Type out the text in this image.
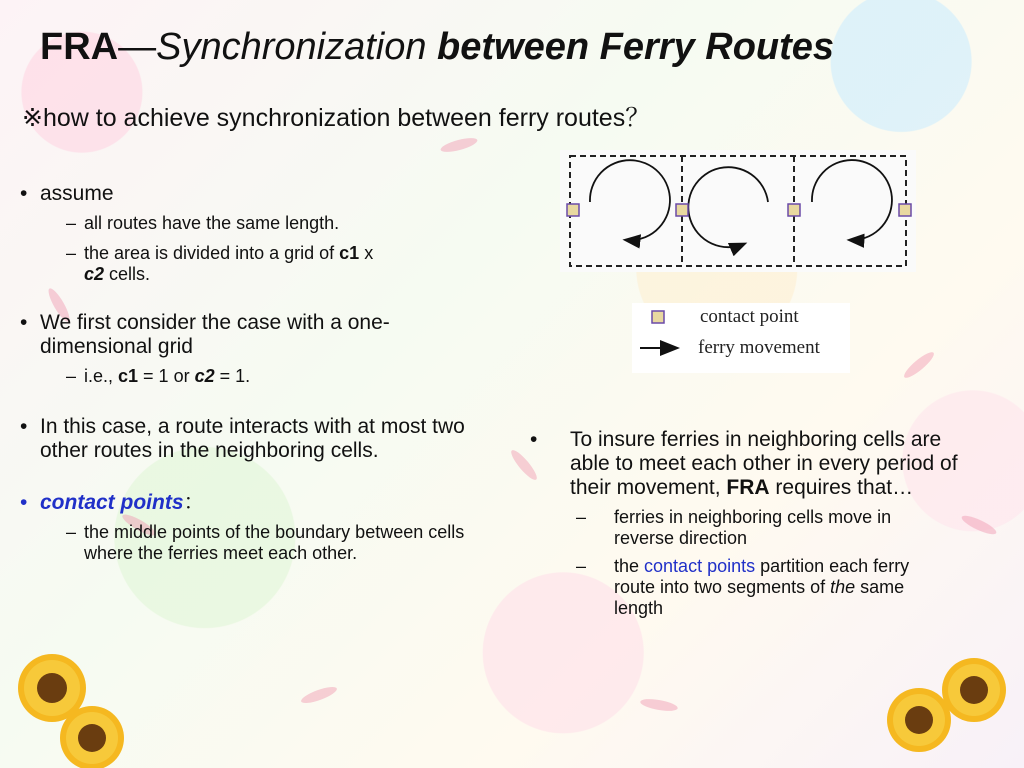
FRA—Synchronization between Ferry Routes
※how to achieve synchronization between ferry routes？
• assume
– all routes have the same length.
– the area is divided into a grid of c1 x
c2 cells.
• We first consider the case with a one-dimensional grid
– i.e., c1 = 1 or c2 = 1.
• In this case, a route interacts with at most two other routes in the neighboring cells.
• contact points：
– the middle points of the boundary between cells where the ferries meet each other.
• To insure ferries in neighboring cells are able to meet each other in every period of their movement, FRA requires that…
– ferries in neighboring cells move in reverse direction
– the contact points partition each ferry route into two segments of the same length
contact point
ferry movement
